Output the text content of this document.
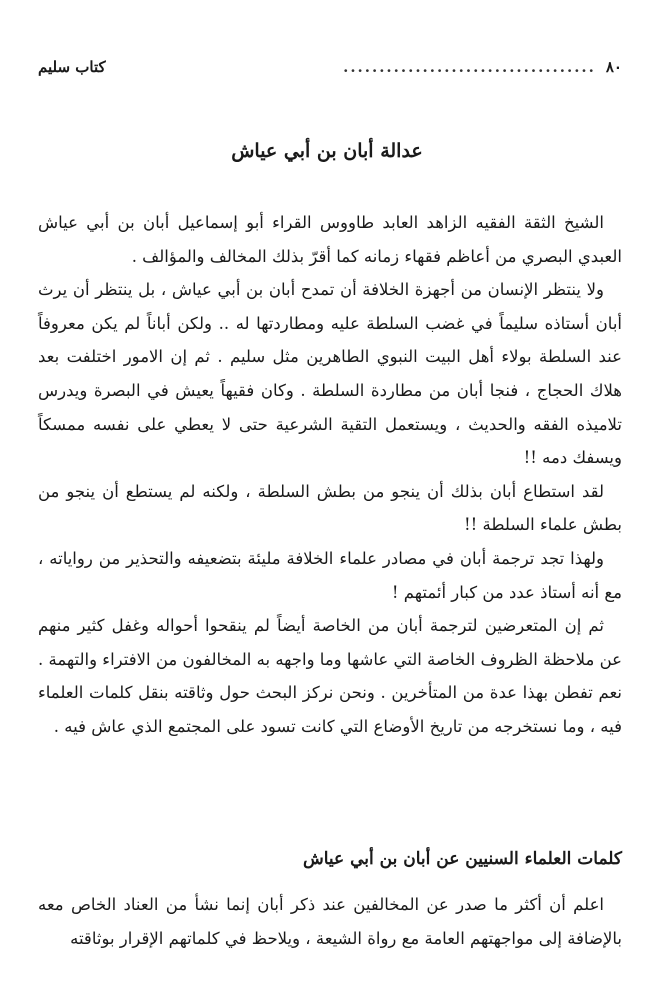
٨٠
...................................
كتاب سليم
عدالة أبان بن أبي عياش

الشيخ الثقة الفقيه الزاهد العابد طاووس القراء أبو إسماعيل أبان بن أبي عياش العبدي البصري من أعاظم فقهاء زمانه كما أقرّ بذلك المخالف والمؤالف .

ولا ينتظر الإنسان من أجهزة الخلافة أن تمدح أبان بن أبي عياش ، بل ينتظر أن يرث أبان أستاذه سليماً في غضب السلطة عليه ومطاردتها له .. ولكن أباناً لم يكن معروفاً عند السلطة بولاء أهل البيت النبوي الطاهرين مثل سليم . ثم إن الامور اختلفت بعد هلاك الحجاج ، فنجا أبان من مطاردة السلطة . وكان فقيهاً يعيش في البصرة ويدرس تلاميذه الفقه والحديث ، ويستعمل التقية الشرعية حتى لا يعطي على نفسه ممسكاً ويسفك دمه !!

لقد استطاع أبان بذلك أن ينجو من بطش السلطة ، ولكنه لم يستطع أن ينجو من بطش علماء السلطة !!

ولهذا تجد ترجمة أبان في مصادر علماء الخلافة مليئة بتضعيفه والتحذير من رواياته ، مع أنه أستاذ عدد من كبار أئمتهم !

ثم إن المتعرضين لترجمة أبان من الخاصة أيضاً لم ينقحوا أحواله وغفل كثير منهم عن ملاحظة الظروف الخاصة التي عاشها وما واجهه به المخالفون من الافتراء والتهمة . نعم تفطن بهذا عدة من المتأخرين . ونحن نركز البحث حول وثاقته بنقل كلمات العلماء فيه ، وما نستخرجه من تاريخ الأوضاع التي كانت تسود على المجتمع الذي عاش فيه .

كلمات العلماء السنيين عن أبان بن أبي عياش

اعلم أن أكثر ما صدر عن المخالفين عند ذكر أبان إنما نشأ من العناد الخاص معه بالإضافة إلى مواجهتهم العامة مع رواة الشيعة ، ويلاحظ في كلماتهم الإقرار بوثاقته
